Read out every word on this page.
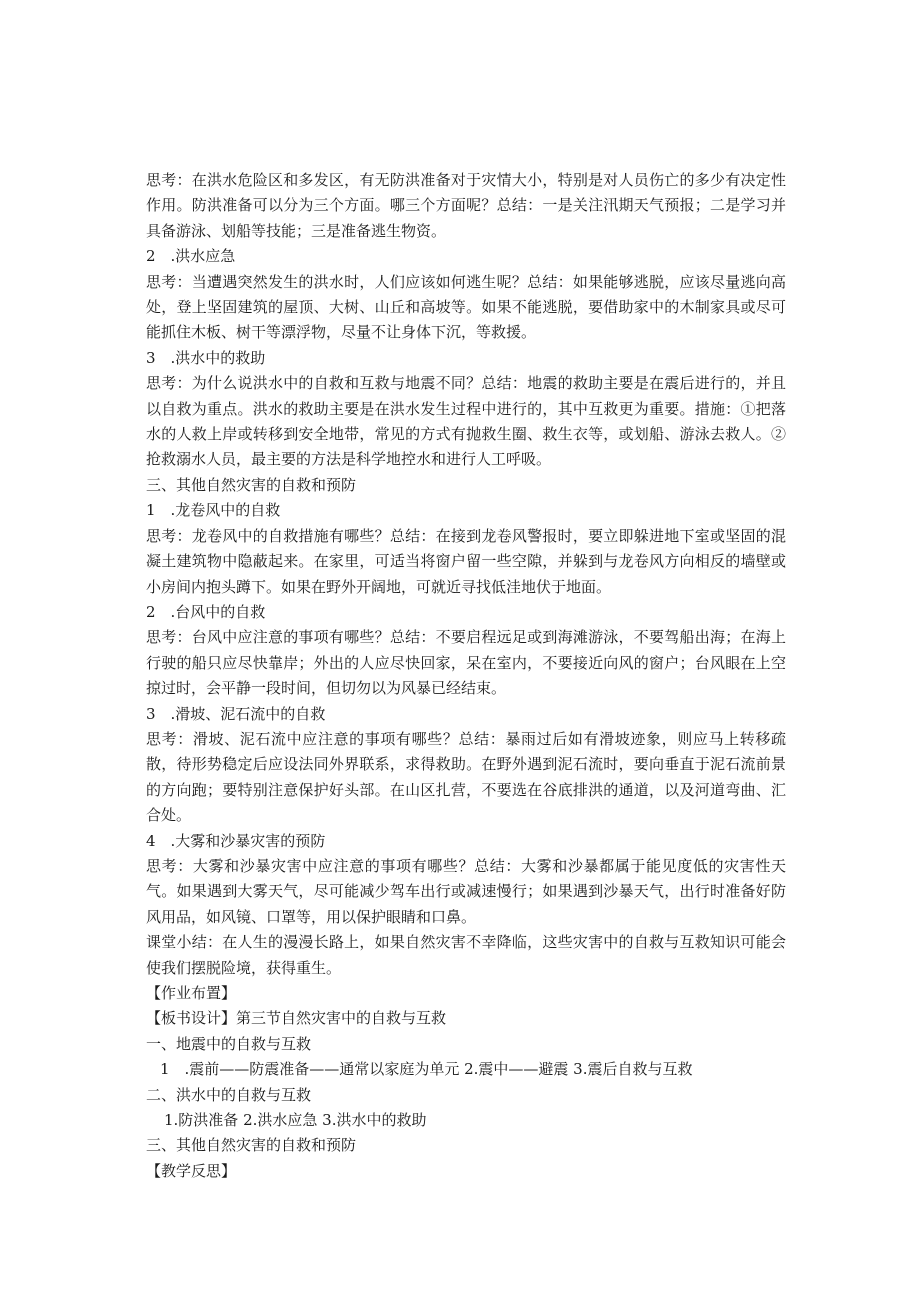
思考：在洪水危险区和多发区，有无防洪准备对于灾情大小，特别是对人员伤亡的多少有决定性作用。防洪准备可以分为三个方面。哪三个方面呢？总结：一是关注汛期天气预报；二是学习并具备游泳、划船等技能；三是准备逃生物资。

2　.洪水应急

思考：当遭遇突然发生的洪水时，人们应该如何逃生呢？总结：如果能够逃脱，应该尽量逃向高处，登上坚固建筑的屋顶、大树、山丘和高坡等。如果不能逃脱，要借助家中的木制家具或尽可能抓住木板、树干等漂浮物，尽量不让身体下沉，等救援。

3　.洪水中的救助

思考：为什么说洪水中的自救和互救与地震不同？总结：地震的救助主要是在震后进行的，并且以自救为重点。洪水的救助主要是在洪水发生过程中进行的，其中互救更为重要。措施：①把落水的人救上岸或转移到安全地带，常见的方式有抛救生圈、救生衣等，或划船、游泳去救人。②抢救溺水人员，最主要的方法是科学地控水和进行人工呼吸。

三、其他自然灾害的自救和预防

1　.龙卷风中的自救

思考：龙卷风中的自救措施有哪些？总结：在接到龙卷风警报时，要立即躲进地下室或坚固的混凝土建筑物中隐蔽起来。在家里，可适当将窗户留一些空隙，并躲到与龙卷风方向相反的墙壁或小房间内抱头蹲下。如果在野外开阔地，可就近寻找低洼地伏于地面。

2　.台风中的自救

思考：台风中应注意的事项有哪些？总结：不要启程远足或到海滩游泳，不要驾船出海；在海上行驶的船只应尽快靠岸；外出的人应尽快回家，呆在室内，不要接近向风的窗户；台风眼在上空掠过时，会平静一段时间，但切勿以为风暴已经结束。

3　.滑坡、泥石流中的自救

思考：滑坡、泥石流中应注意的事项有哪些？总结：暴雨过后如有滑坡迹象，则应马上转移疏散，待形势稳定后应设法同外界联系，求得救助。在野外遇到泥石流时，要向垂直于泥石流前景的方向跑；要特别注意保护好头部。在山区扎营，不要选在谷底排洪的通道，以及河道弯曲、汇合处。

4　.大雾和沙暴灾害的预防

思考：大雾和沙暴灾害中应注意的事项有哪些？总结：大雾和沙暴都属于能见度低的灾害性天气。如果遇到大雾天气，尽可能减少驾车出行或减速慢行；如果遇到沙暴天气，出行时准备好防风用品，如风镜、口罩等，用以保护眼睛和口鼻。

课堂小结：在人生的漫漫长路上，如果自然灾害不幸降临，这些灾害中的自救与互救知识可能会使我们摆脱险境，获得重生。

【作业布置】

【板书设计】第三节自然灾害中的自救与互救

一、地震中的自救与互救

1　.震前——防震准备——通常以家庭为单元 2.震中——避震 3.震后自救与互救

二、洪水中的自救与互救

1.防洪准备 2.洪水应急 3.洪水中的救助

三、其他自然灾害的自救和预防

【教学反思】
